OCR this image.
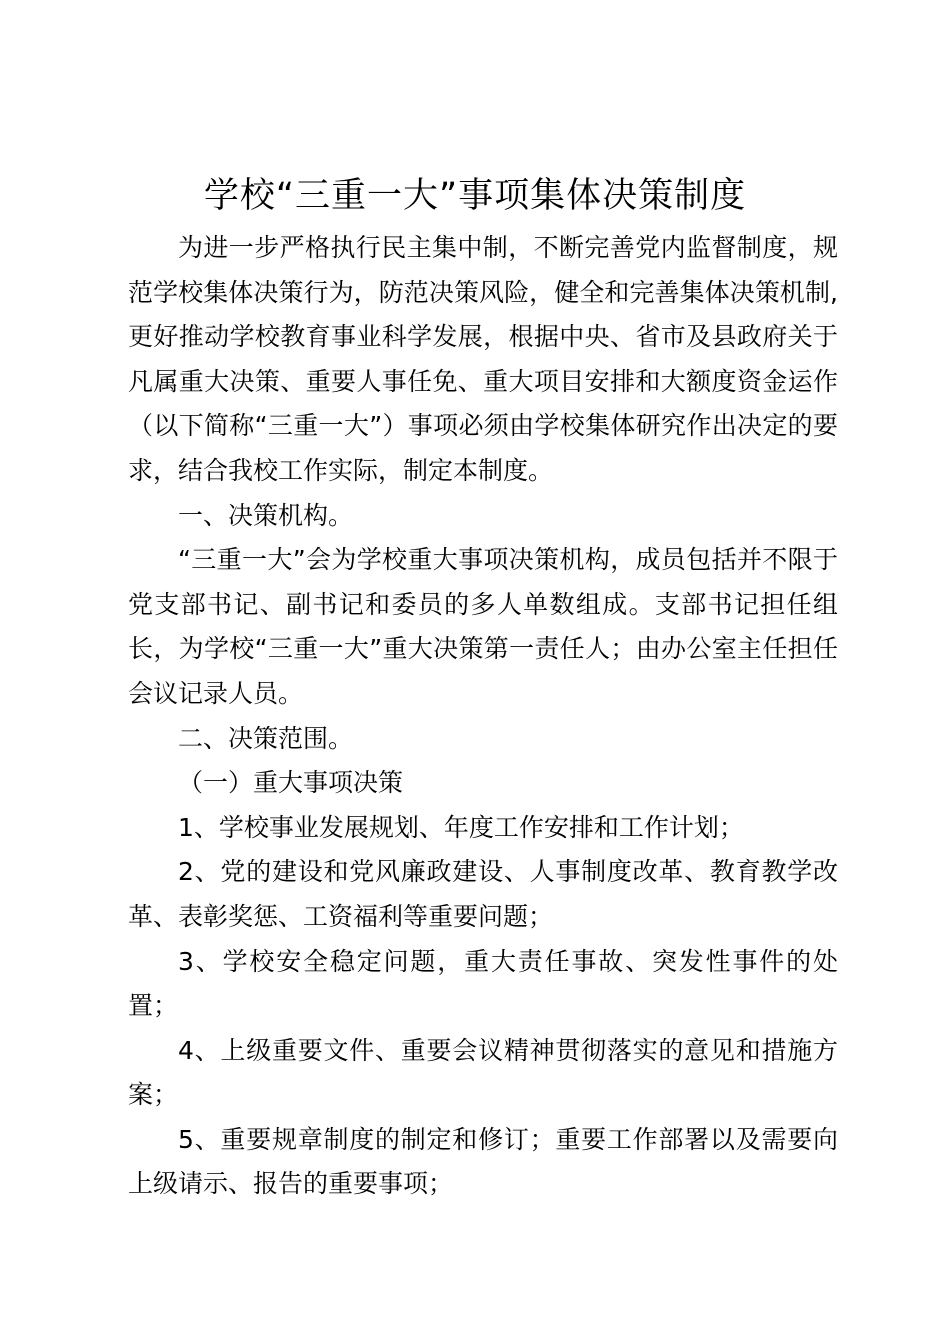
学校“三重一大”事项集体决策制度

为进一步严格执行民主集中制，不断完善党内监督制度，规范学校集体决策行为，防范决策风险，健全和完善集体决策机制,更好推动学校教育事业科学发展，根据中央、省市及县政府关于凡属重大决策、重要人事任免、重大项目安排和大额度资金运作（以下简称“三重一大”）事项必须由学校集体研究作出决定的要求，结合我校工作实际，制定本制度。

一、决策机构。

“三重一大”会为学校重大事项决策机构，成员包括并不限于党支部书记、副书记和委员的多人单数组成。支部书记担任组长，为学校“三重一大”重大决策第一责任人；由办公室主任担任会议记录人员。

二、决策范围。

（一）重大事项决策

1、学校事业发展规划、年度工作安排和工作计划；

2、党的建设和党风廉政建设、人事制度改革、教育教学改革、表彰奖惩、工资福利等重要问题；

3、学校安全稳定问题，重大责任事故、突发性事件的处置；

4、上级重要文件、重要会议精神贯彻落实的意见和措施方案；

5、重要规章制度的制定和修订；重要工作部署以及需要向上级请示、报告的重要事项；
